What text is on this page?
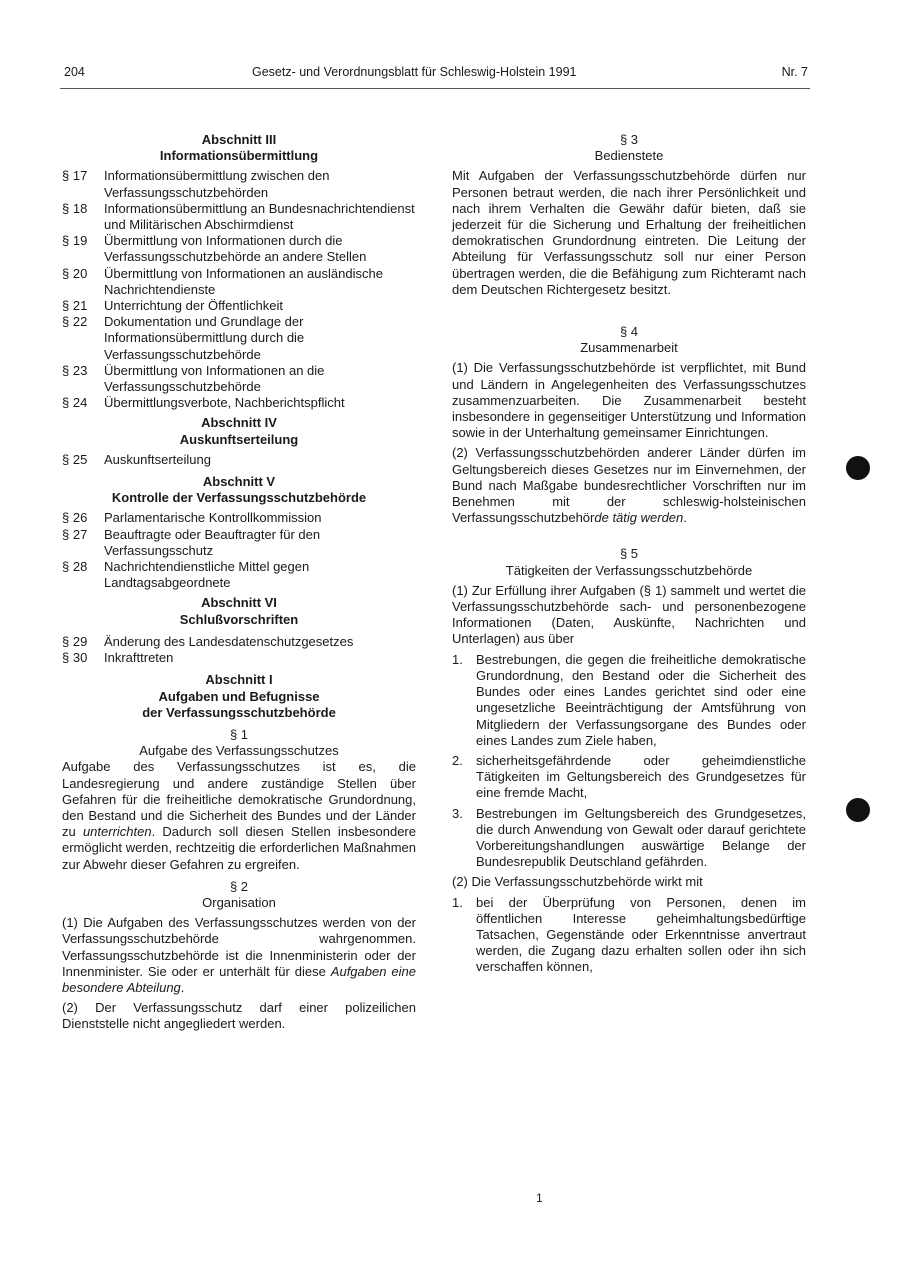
204	Gesetz- und Verordnungsblatt für Schleswig-Holstein 1991	Nr. 7
Abschnitt III
Informationsübermittlung
§ 17	Informationsübermittlung zwischen den Verfassungsschutzbehörden
§ 18	Informationsübermittlung an Bundesnachrichtendienst und Militärischen Abschirmdienst
§ 19	Übermittlung von Informationen durch die Verfassungsschutzbehörde an andere Stellen
§ 20	Übermittlung von Informationen an ausländische Nachrichtendienste
§ 21	Unterrichtung der Öffentlichkeit
§ 22	Dokumentation und Grundlage der Informationsübermittlung durch die Verfassungsschutzbehörde
§ 23	Übermittlung von Informationen an die Verfassungsschutzbehörde
§ 24	Übermittlungsverbote, Nachberichtspflicht
Abschnitt IV
Auskunftserteilung
§ 25	Auskunftserteilung
Abschnitt V
Kontrolle der Verfassungsschutzbehörde
§ 26	Parlamentarische Kontrollkommission
§ 27	Beauftragte oder Beauftragter für den Verfassungsschutz
§ 28	Nachrichtendienstliche Mittel gegen Landtagsabgeordnete
Abschnitt VI
Schlußvorschriften
§ 29	Änderung des Landesdatenschutzgesetzes
§ 30	Inkrafttreten
Abschnitt I
Aufgaben und Befugnisse
der Verfassungsschutzbehörde
§ 1
Aufgabe des Verfassungsschutzes

Aufgabe des Verfassungsschutzes ist es, die Landesregierung und andere zuständige Stellen über Gefahren für die freiheitliche demokratische Grundordnung, den Bestand und die Sicherheit des Bundes und der Länder zu unterrichten. Dadurch soll diesen Stellen insbesondere ermöglicht werden, rechtzeitig die erforderlichen Maßnahmen zur Abwehr dieser Gefahren zu ergreifen.

§ 2
Organisation

(1) Die Aufgaben des Verfassungsschutzes werden von der Verfassungsschutzbehörde wahrgenommen. Verfassungsschutzbehörde ist die Innenministerin oder der Innenminister. Sie oder er unterhält für diese Aufgaben eine besondere Abteilung.

(2) Der Verfassungsschutz darf einer polizeilichen Dienststelle nicht angegliedert werden.

§ 3
Bedienstete

Mit Aufgaben der Verfassungsschutzbehörde dürfen nur Personen betraut werden, die nach ihrer Persönlichkeit und nach ihrem Verhalten die Gewähr dafür bieten, daß sie jederzeit für die Sicherung und Erhaltung der freiheitlichen demokratischen Grundordnung eintreten. Die Leitung der Abteilung für Verfassungsschutz soll nur einer Person übertragen werden, die die Befähigung zum Richteramt nach dem Deutschen Richtergesetz besitzt.

§ 4
Zusammenarbeit

(1) Die Verfassungsschutzbehörde ist verpflichtet, mit Bund und Ländern in Angelegenheiten des Verfassungsschutzes zusammenzuarbeiten. Die Zusammenarbeit besteht insbesondere in gegenseitiger Unterstützung und Information sowie in der Unterhaltung gemeinsamer Einrichtungen.

(2) Verfassungsschutzbehörden anderer Länder dürfen im Geltungsbereich dieses Gesetzes nur im Einvernehmen, der Bund nach Maßgabe bundesrechtlicher Vorschriften nur im Benehmen mit der schleswig-holsteinischen Verfassungsschutzbehörde tätig werden.

§ 5
Tätigkeiten der Verfassungsschutzbehörde

(1) Zur Erfüllung ihrer Aufgaben (§ 1) sammelt und wertet die Verfassungsschutzbehörde sach- und personenbezogene Informationen (Daten, Auskünfte, Nachrichten und Unterlagen) aus über

1.	Bestrebungen, die gegen die freiheitliche demokratische Grundordnung, den Bestand oder die Sicherheit des Bundes oder eines Landes gerichtet sind oder eine ungesetzliche Beeinträchtigung der Amtsführung von Mitgliedern der Verfassungsorgane des Bundes oder eines Landes zum Ziele haben,
2.	sicherheitsgefährdende oder geheimdienstliche Tätigkeiten im Geltungsbereich des Grundgesetzes für eine fremde Macht,
3.	Bestrebungen im Geltungsbereich des Grundgesetzes, die durch Anwendung von Gewalt oder darauf gerichtete Vorbereitungshandlungen auswärtige Belange der Bundesrepublik Deutschland gefährden.

(2) Die Verfassungsschutzbehörde wirkt mit

1.	bei der Überprüfung von Personen, denen im öffentlichen Interesse geheimhaltungsbedürftige Tatsachen, Gegenstände oder Erkenntnisse anvertraut werden, die Zugang dazu erhalten sollen oder ihn sich verschaffen können,
1
